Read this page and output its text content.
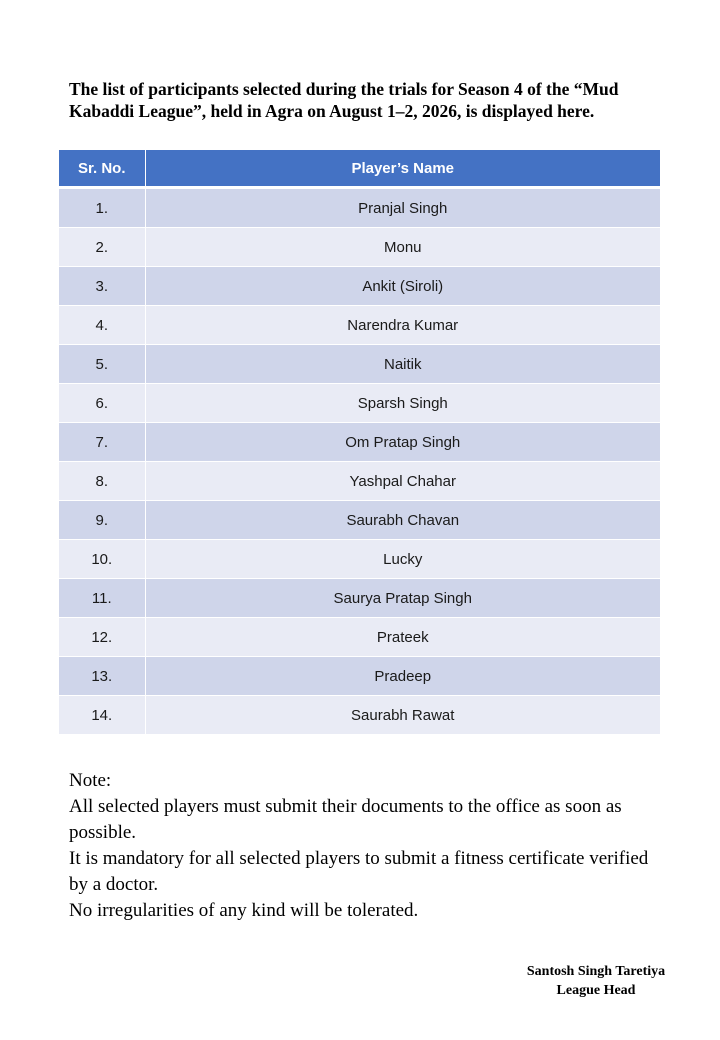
The list of participants selected during the trials for Season 4 of the “Mud Kabaddi League”, held in Agra on August 1–2, 2026, is displayed here.
Sr. No.	Player’s Name
1.	Pranjal Singh
2.	Monu
3.	Ankit (Siroli)
4.	Narendra Kumar
5.	Naitik
6.	Sparsh Singh
7.	Om Pratap Singh
8.	Yashpal Chahar
9.	Saurabh Chavan
10.	Lucky
11.	Saurya Pratap Singh
12.	Prateek
13.	Pradeep
14.	Saurabh Rawat

Note:

All selected players must submit their documents to the office as soon as possible.

It is mandatory for all selected players to submit a fitness certificate verified by a doctor.

No irregularities of any kind will be tolerated.

Santosh Singh Taretiya
League Head
